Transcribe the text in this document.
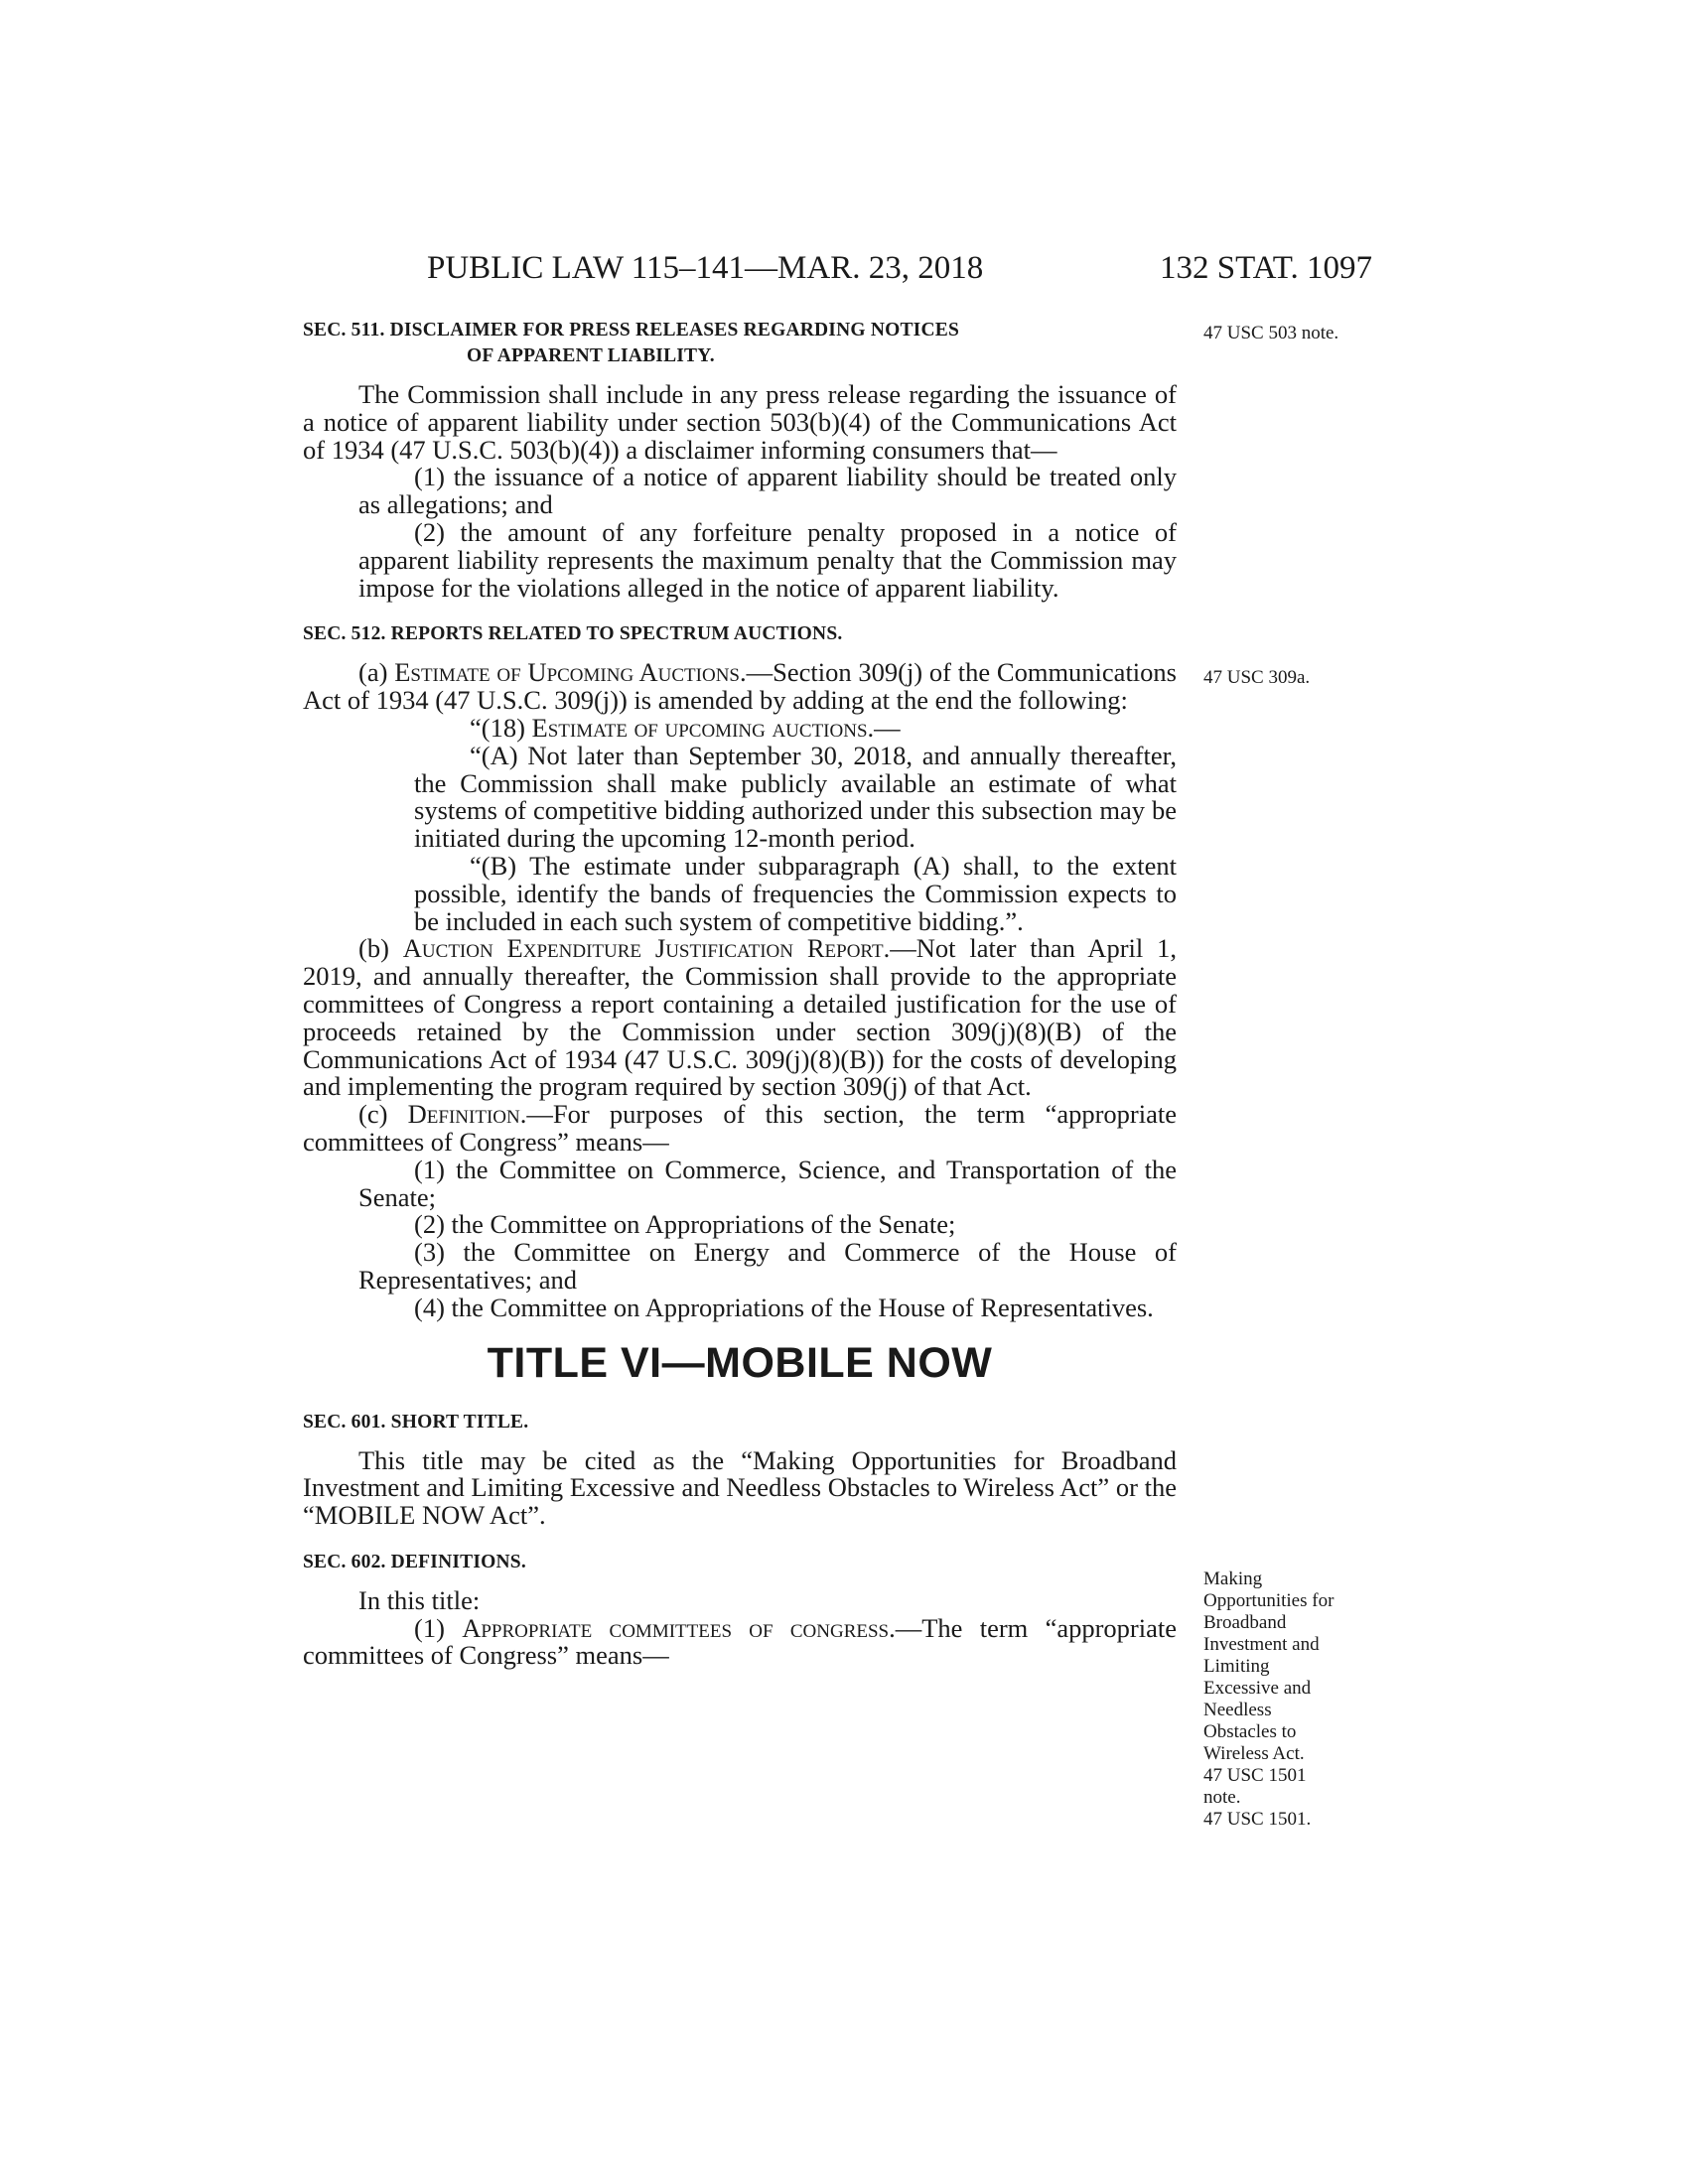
PUBLIC LAW 115–141—MAR. 23, 2018	132 STAT. 1097
47 USC 503 note.
47 USC 309a.
Making
Opportunities for
Broadband
Investment and
Limiting
Excessive and
Needless
Obstacles to
Wireless Act.
47 USC 1501
note.
47 USC 1501.
SEC. 511. DISCLAIMER FOR PRESS RELEASES REGARDING NOTICES
OF APPARENT LIABILITY.

The Commission shall include in any press release regarding the issuance of a notice of apparent liability under section 503(b)(4) of the Communications Act of 1934 (47 U.S.C. 503(b)(4)) a disclaimer informing consumers that—

(1) the issuance of a notice of apparent liability should be treated only as allegations; and

(2) the amount of any forfeiture penalty proposed in a notice of apparent liability represents the maximum penalty that the Commission may impose for the violations alleged in the notice of apparent liability.

SEC. 512. REPORTS RELATED TO SPECTRUM AUCTIONS.

(a) Estimate of Upcoming Auctions.—Section 309(j) of the Communications Act of 1934 (47 U.S.C. 309(j)) is amended by adding at the end the following:

“(18) Estimate of upcoming auctions.—

“(A) Not later than September 30, 2018, and annually thereafter, the Commission shall make publicly available an estimate of what systems of competitive bidding authorized under this subsection may be initiated during the upcoming 12-month period.

“(B) The estimate under subparagraph (A) shall, to the extent possible, identify the bands of frequencies the Commission expects to be included in each such system of competitive bidding.”.

(b) Auction Expenditure Justification Report.—Not later than April 1, 2019, and annually thereafter, the Commission shall provide to the appropriate committees of Congress a report containing a detailed justification for the use of proceeds retained by the Commission under section 309(j)(8)(B) of the Communications Act of 1934 (47 U.S.C. 309(j)(8)(B)) for the costs of developing and implementing the program required by section 309(j) of that Act.

(c) Definition.—For purposes of this section, the term “appropriate committees of Congress” means—

(1) the Committee on Commerce, Science, and Transportation of the Senate;

(2) the Committee on Appropriations of the Senate;

(3) the Committee on Energy and Commerce of the House of Representatives; and

(4) the Committee on Appropriations of the House of Representatives.

TITLE VI—MOBILE NOW
SEC. 601. SHORT TITLE.

This title may be cited as the “Making Opportunities for Broadband Investment and Limiting Excessive and Needless Obstacles to Wireless Act” or the “MOBILE NOW Act”.

SEC. 602. DEFINITIONS.

In this title:

(1) Appropriate committees of congress.—The term “appropriate committees of Congress” means—
